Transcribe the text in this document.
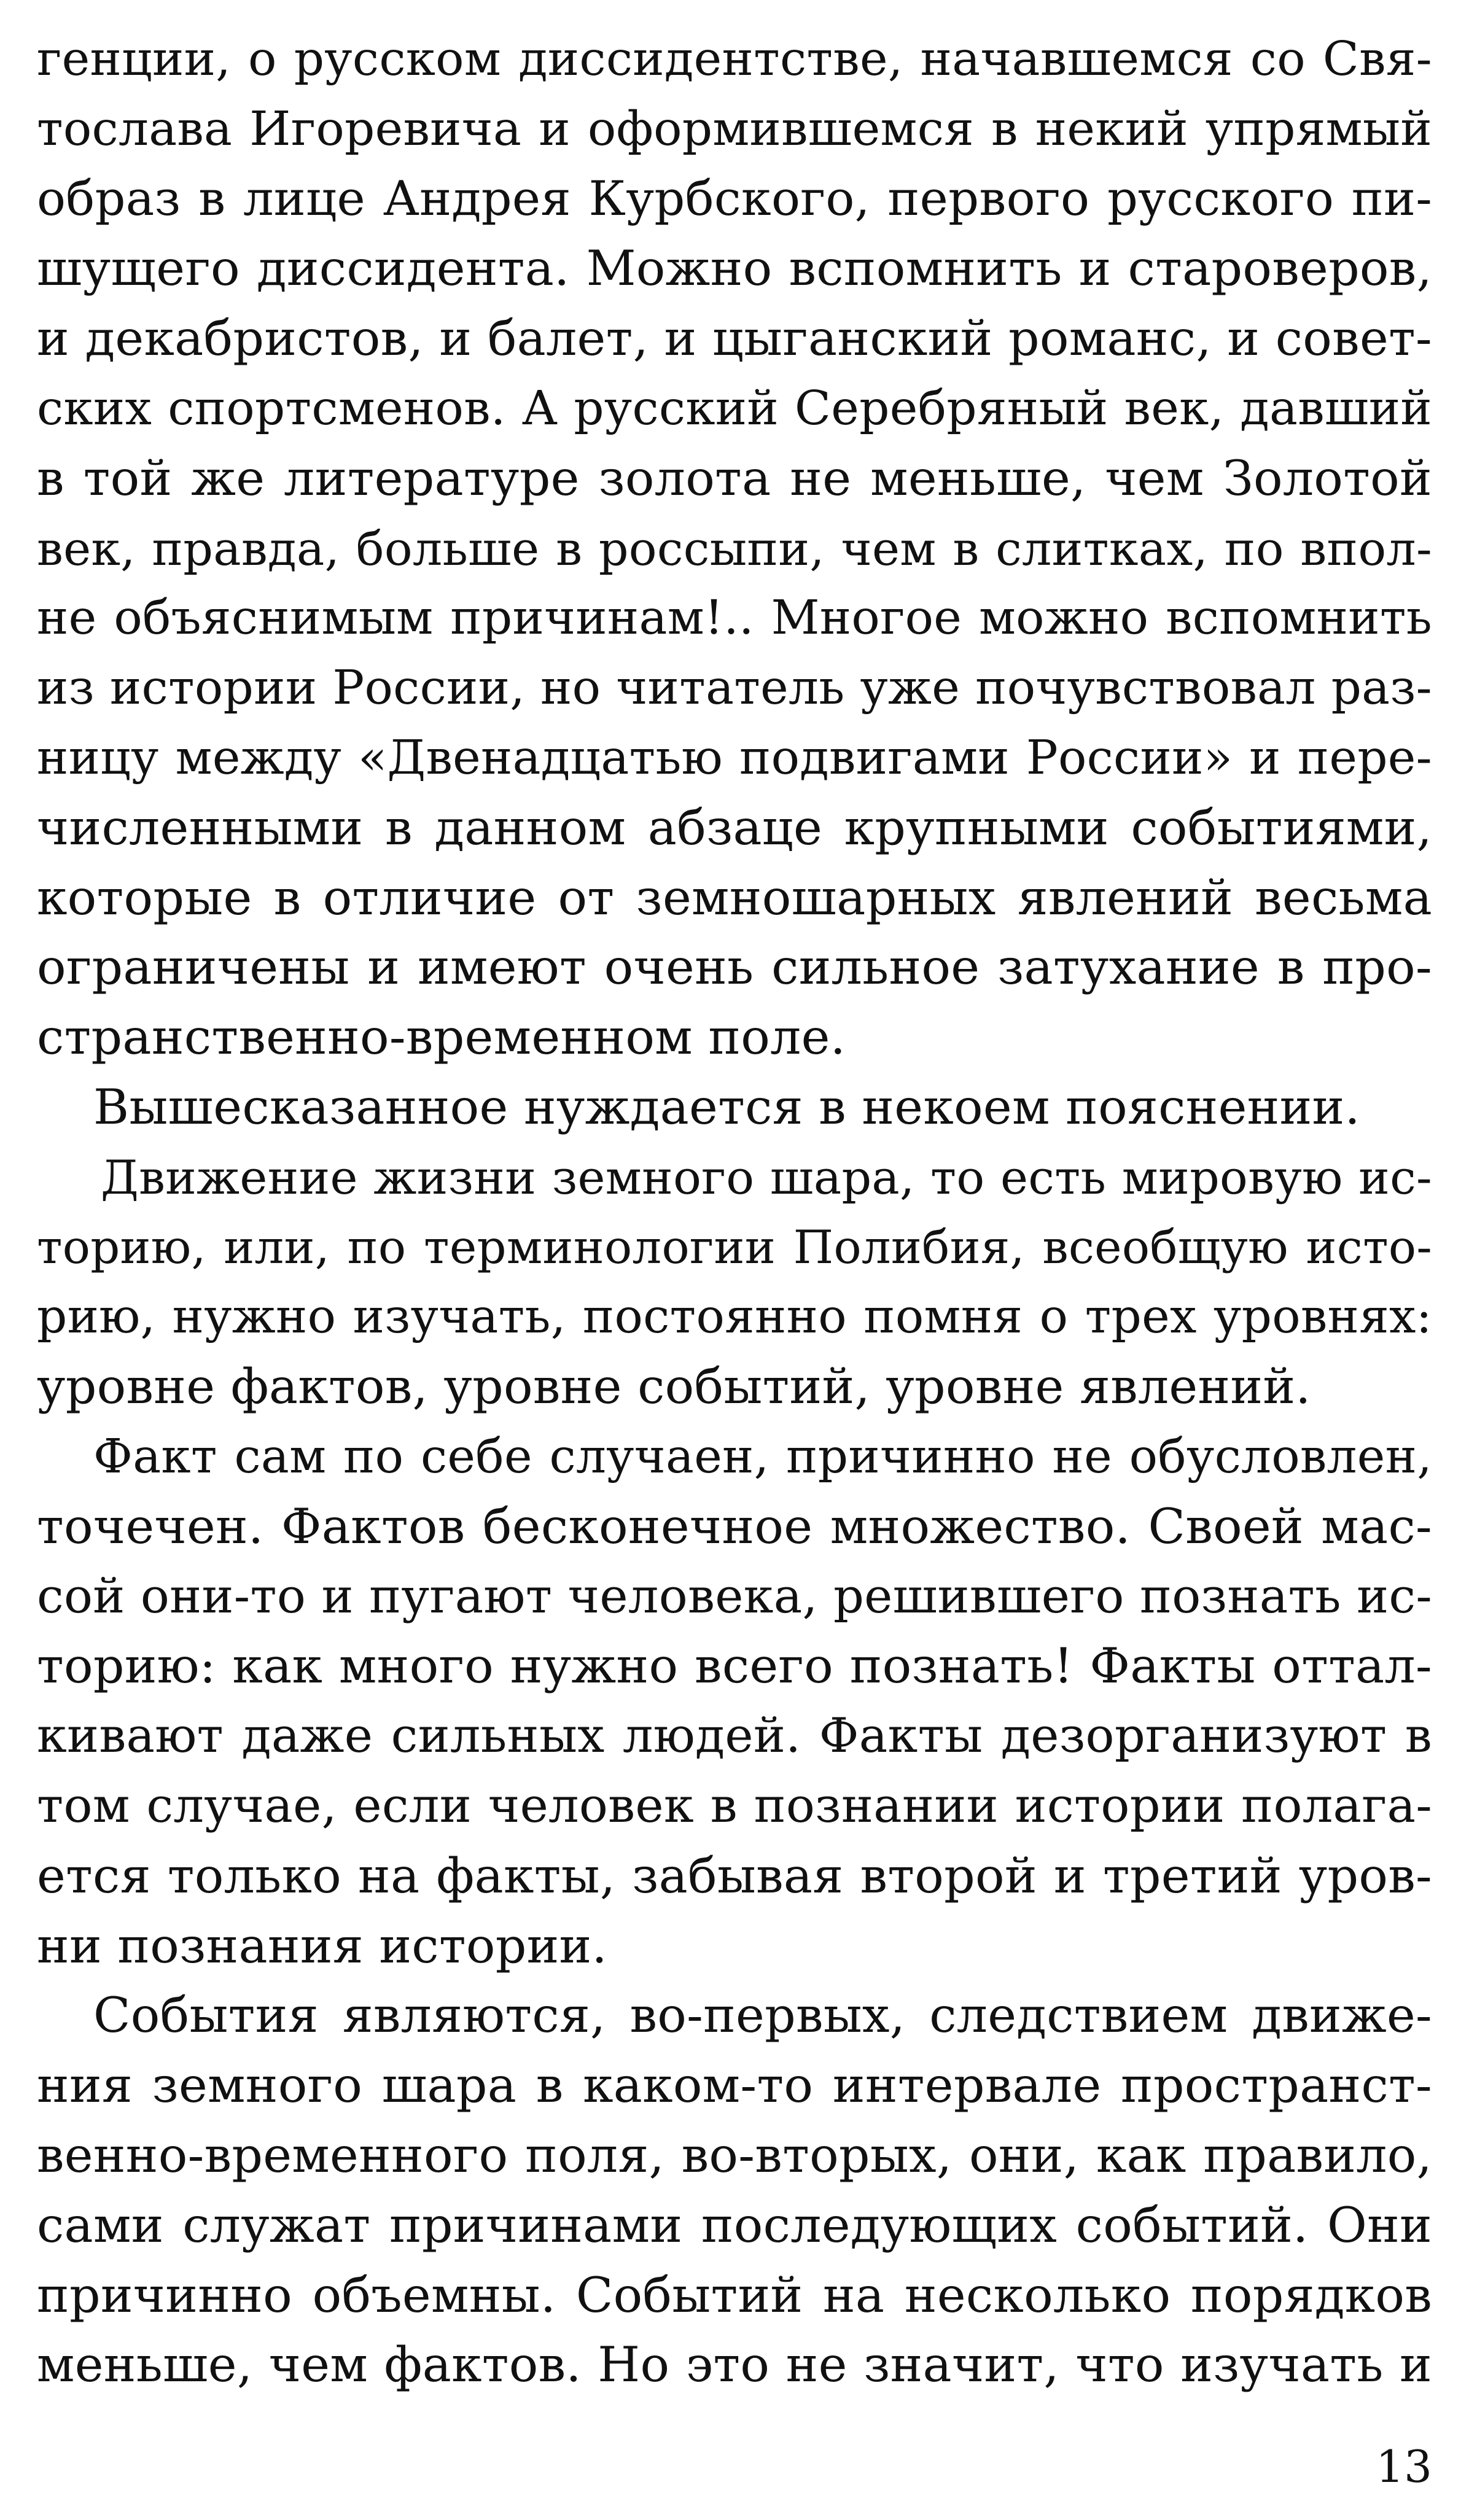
генции, о русском диссидентстве, начавшемся со Свя-
тослава Игоревича и оформившемся в некий упрямый
образ в лице Андрея Курбского, первого русского пи-
шущего диссидента. Можно вспомнить и староверов,
и декабристов, и балет, и цыганский романс, и совет-
ских спортсменов. А русский Серебряный век, давший
в той же литературе золота не меньше, чем Золотой
век, правда, больше в россыпи, чем в слитках, по впол-
не объяснимым причинам!.. Многое можно вспомнить
из истории России, но читатель уже почувствовал раз-
ницу между «Двенадцатью подвигами России» и пере-
численными в данном абзаце крупными событиями,
которые в отличие от земношарных явлений весьма
ограничены и имеют очень сильное затухание в про-
странственно-временном поле.
Вышесказанное нуждается в некоем пояснении.
Движение жизни земного шара, то есть мировую ис-
торию, или, по терминологии Полибия, всеобщую исто-
рию, нужно изучать, постоянно помня о трех уровнях:
уровне фактов, уровне событий, уровне явлений.
Факт сам по себе случаен, причинно не обусловлен,
точечен. Фактов бесконечное множество. Своей мас-
сой они-то и пугают человека, решившего познать ис-
торию: как много нужно всего познать! Факты оттал-
кивают даже сильных людей. Факты дезорганизуют в
том случае, если человек в познании истории полага-
ется только на факты, забывая второй и третий уров-
ни познания истории.
События являются, во-первых, следствием движе-
ния земного шара в каком-то интервале пространст-
венно-временного поля, во-вторых, они, как правило,
сами служат причинами последующих событий. Они
причинно объемны. Событий на несколько порядков
меньше, чем фактов. Но это не значит, что изучать и
13
